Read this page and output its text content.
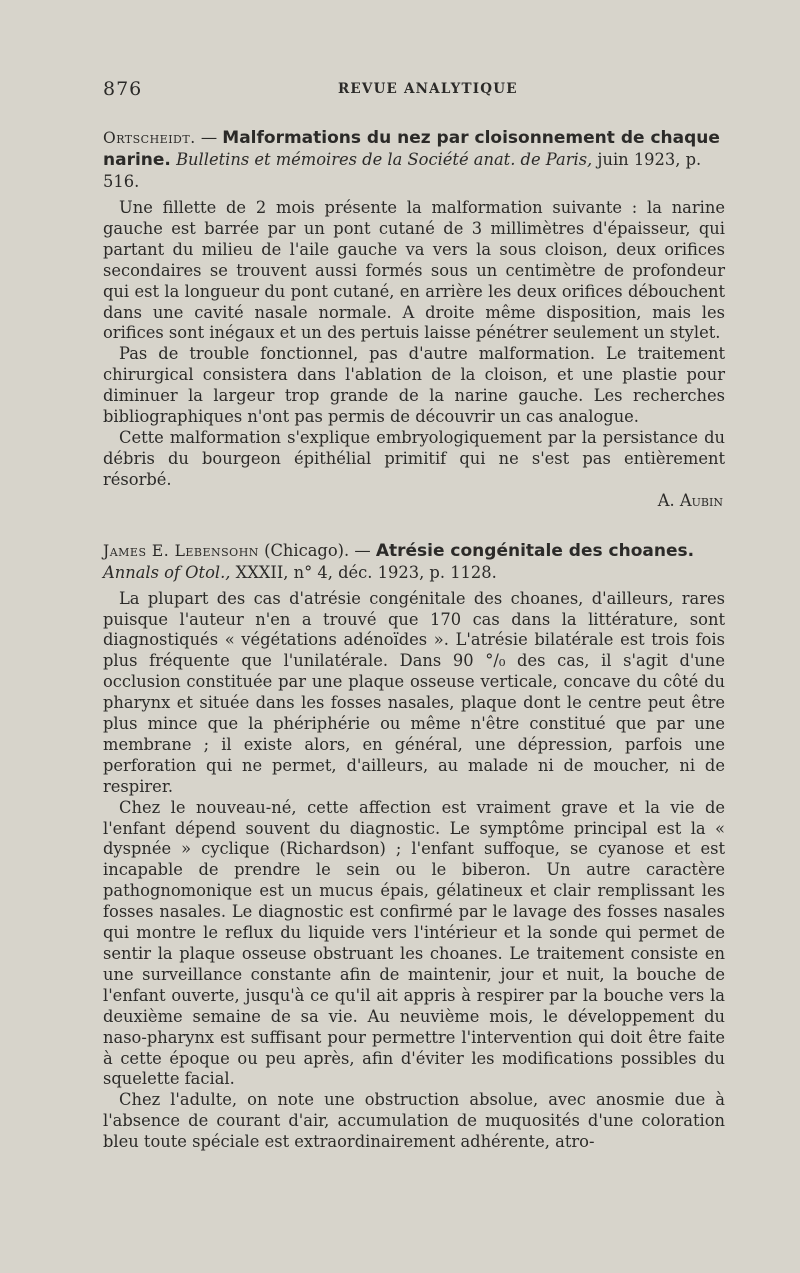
876	REVUE ANALYTIQUE

Ortscheidt. — Malformations du nez par cloisonnement de chaque narine. Bulletins et mémoires de la Société anat. de Paris, juin 1923, p. 516.

Une fillette de 2 mois présente la malformation suivante : la narine gauche est barrée par un pont cutané de 3 millimètres d'épaisseur, qui partant du milieu de l'aile gauche va vers la sous cloison, deux orifices secondaires se trouvent aussi formés sous un centimètre de profondeur qui est la longueur du pont cutané, en arrière les deux orifices débouchent dans une cavité nasale normale. A droite même disposition, mais les orifices sont inégaux et un des pertuis laisse pénétrer seulement un stylet.

Pas de trouble fonctionnel, pas d'autre malformation. Le traitement chirurgical consistera dans l'ablation de la cloison, et une plastie pour diminuer la largeur trop grande de la narine gauche. Les recherches bibliographiques n'ont pas permis de découvrir un cas analogue.

Cette malformation s'explique embryologiquement par la persistance du débris du bourgeon épithélial primitif qui ne s'est pas entièrement résorbé.

A. Aubin

James E. Lebensohn (Chicago). — Atrésie congénitale des choanes. Annals of Otol., XXXII, n° 4, déc. 1923, p. 1128.

La plupart des cas d'atrésie congénitale des choanes, d'ailleurs, rares puisque l'auteur n'en a trouvé que 170 cas dans la littérature, sont diagnostiqués « végétations adénoïdes ». L'atrésie bilatérale est trois fois plus fréquente que l'unilatérale. Dans 90 °/₀ des cas, il s'agit d'une occlusion constituée par une plaque osseuse verticale, concave du côté du pharynx et située dans les fosses nasales, plaque dont le centre peut être plus mince que la phériphérie ou même n'être constitué que par une membrane ; il existe alors, en général, une dépression, parfois une perforation qui ne permet, d'ailleurs, au malade ni de moucher, ni de respirer.

Chez le nouveau-né, cette affection est vraiment grave et la vie de l'enfant dépend souvent du diagnostic. Le symptôme principal est la « dyspnée » cyclique (Richardson) ; l'enfant suffoque, se cyanose et est incapable de prendre le sein ou le biberon. Un autre caractère pathognomonique est un mucus épais, gélatineux et clair remplissant les fosses nasales. Le diagnostic est confirmé par le lavage des fosses nasales qui montre le reflux du liquide vers l'intérieur et la sonde qui permet de sentir la plaque osseuse obstruant les choanes. Le traitement consiste en une surveillance constante afin de maintenir, jour et nuit, la bouche de l'enfant ouverte, jusqu'à ce qu'il ait appris à respirer par la bouche vers la deuxième semaine de sa vie. Au neuvième mois, le développement du naso-pharynx est suffisant pour permettre l'intervention qui doit être faite à cette époque ou peu après, afin d'éviter les modifications possibles du squelette facial.

Chez l'adulte, on note une obstruction absolue, avec anosmie due à l'absence de courant d'air, accumulation de muquosités d'une coloration bleu toute spéciale est extraordinairement adhérente, atro-
